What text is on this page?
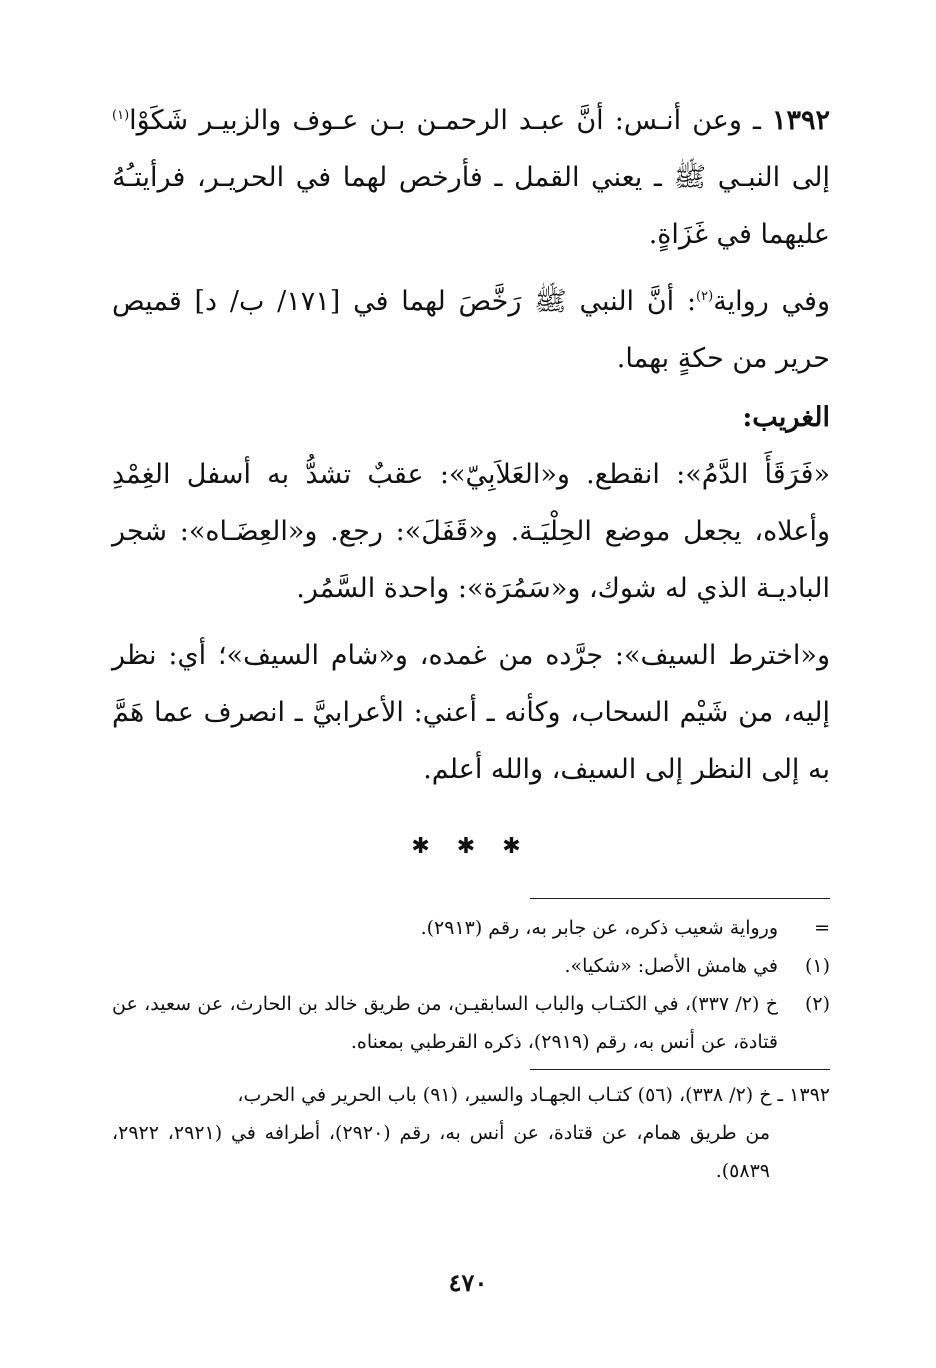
١٣٩٢ ـ وعن أنـس: أنَّ عبـد الرحمـن بـن عـوف والزبيـر شَكَوْا$^{(١)}$ إلى النبـي ﷺ ـ يعني القمل ـ فأرخص لهما في الحريـر، فرأيتـُهُ عليهما في غَزَاةٍ.

وفي رواية$^{(٢)}$: أنَّ النبي ﷺ رَخَّصَ لهما في [١٧١/ ب/ د] قميص حرير من حكةٍ بهما.

الغريب:

«فَرَقَأَ الدَّمُ»: انقطع. و«العَلاَبِيّ»: عقبٌ تشدُّ به أسفل الغِمْدِ وأعلاه، يجعل موضع الحِلْيَـة. و«قَفَلَ»: رجع. و«العِضَـاه»: شجر الباديـة الذي له شوك، و«سَمُرَة»: واحدة السَّمُر.

و«اخترط السيف»: جرَّده من غمده، و«شام السيف»؛ أي: نظر إليه، من شَيْم السحاب، وكأنه ـ أعني: الأعرابيَّ ـ انصرف عما هَمَّ به إلى النظر إلى السيف، والله أعلم.

✱ ✱ ✱
=
ورواية شعيب ذكره، عن جابر به، رقم (٢٩١٣).
(١)
في هامش الأصل: «شكيا».
(٢)
خ (٢/ ٣٣٧)، في الكتـاب والباب السابقيـن، من طريق خالد بن الحارث، عن سعيد، عن قتادة، عن أنس به، رقم (٢٩١٩)، ذكره القرطبي بمعناه.

١٣٩٢ ـ خ (٢/ ٣٣٨)، (٥٦) كتـاب الجهـاد والسير، (٩١) باب الحرير في الحرب،

من طريق همام، عن قتادة، عن أنس به، رقم (٢٩٢٠)، أطرافه في (٢٩٢١، ٢٩٢٢، ٥٨٣٩).

٤٧٠
